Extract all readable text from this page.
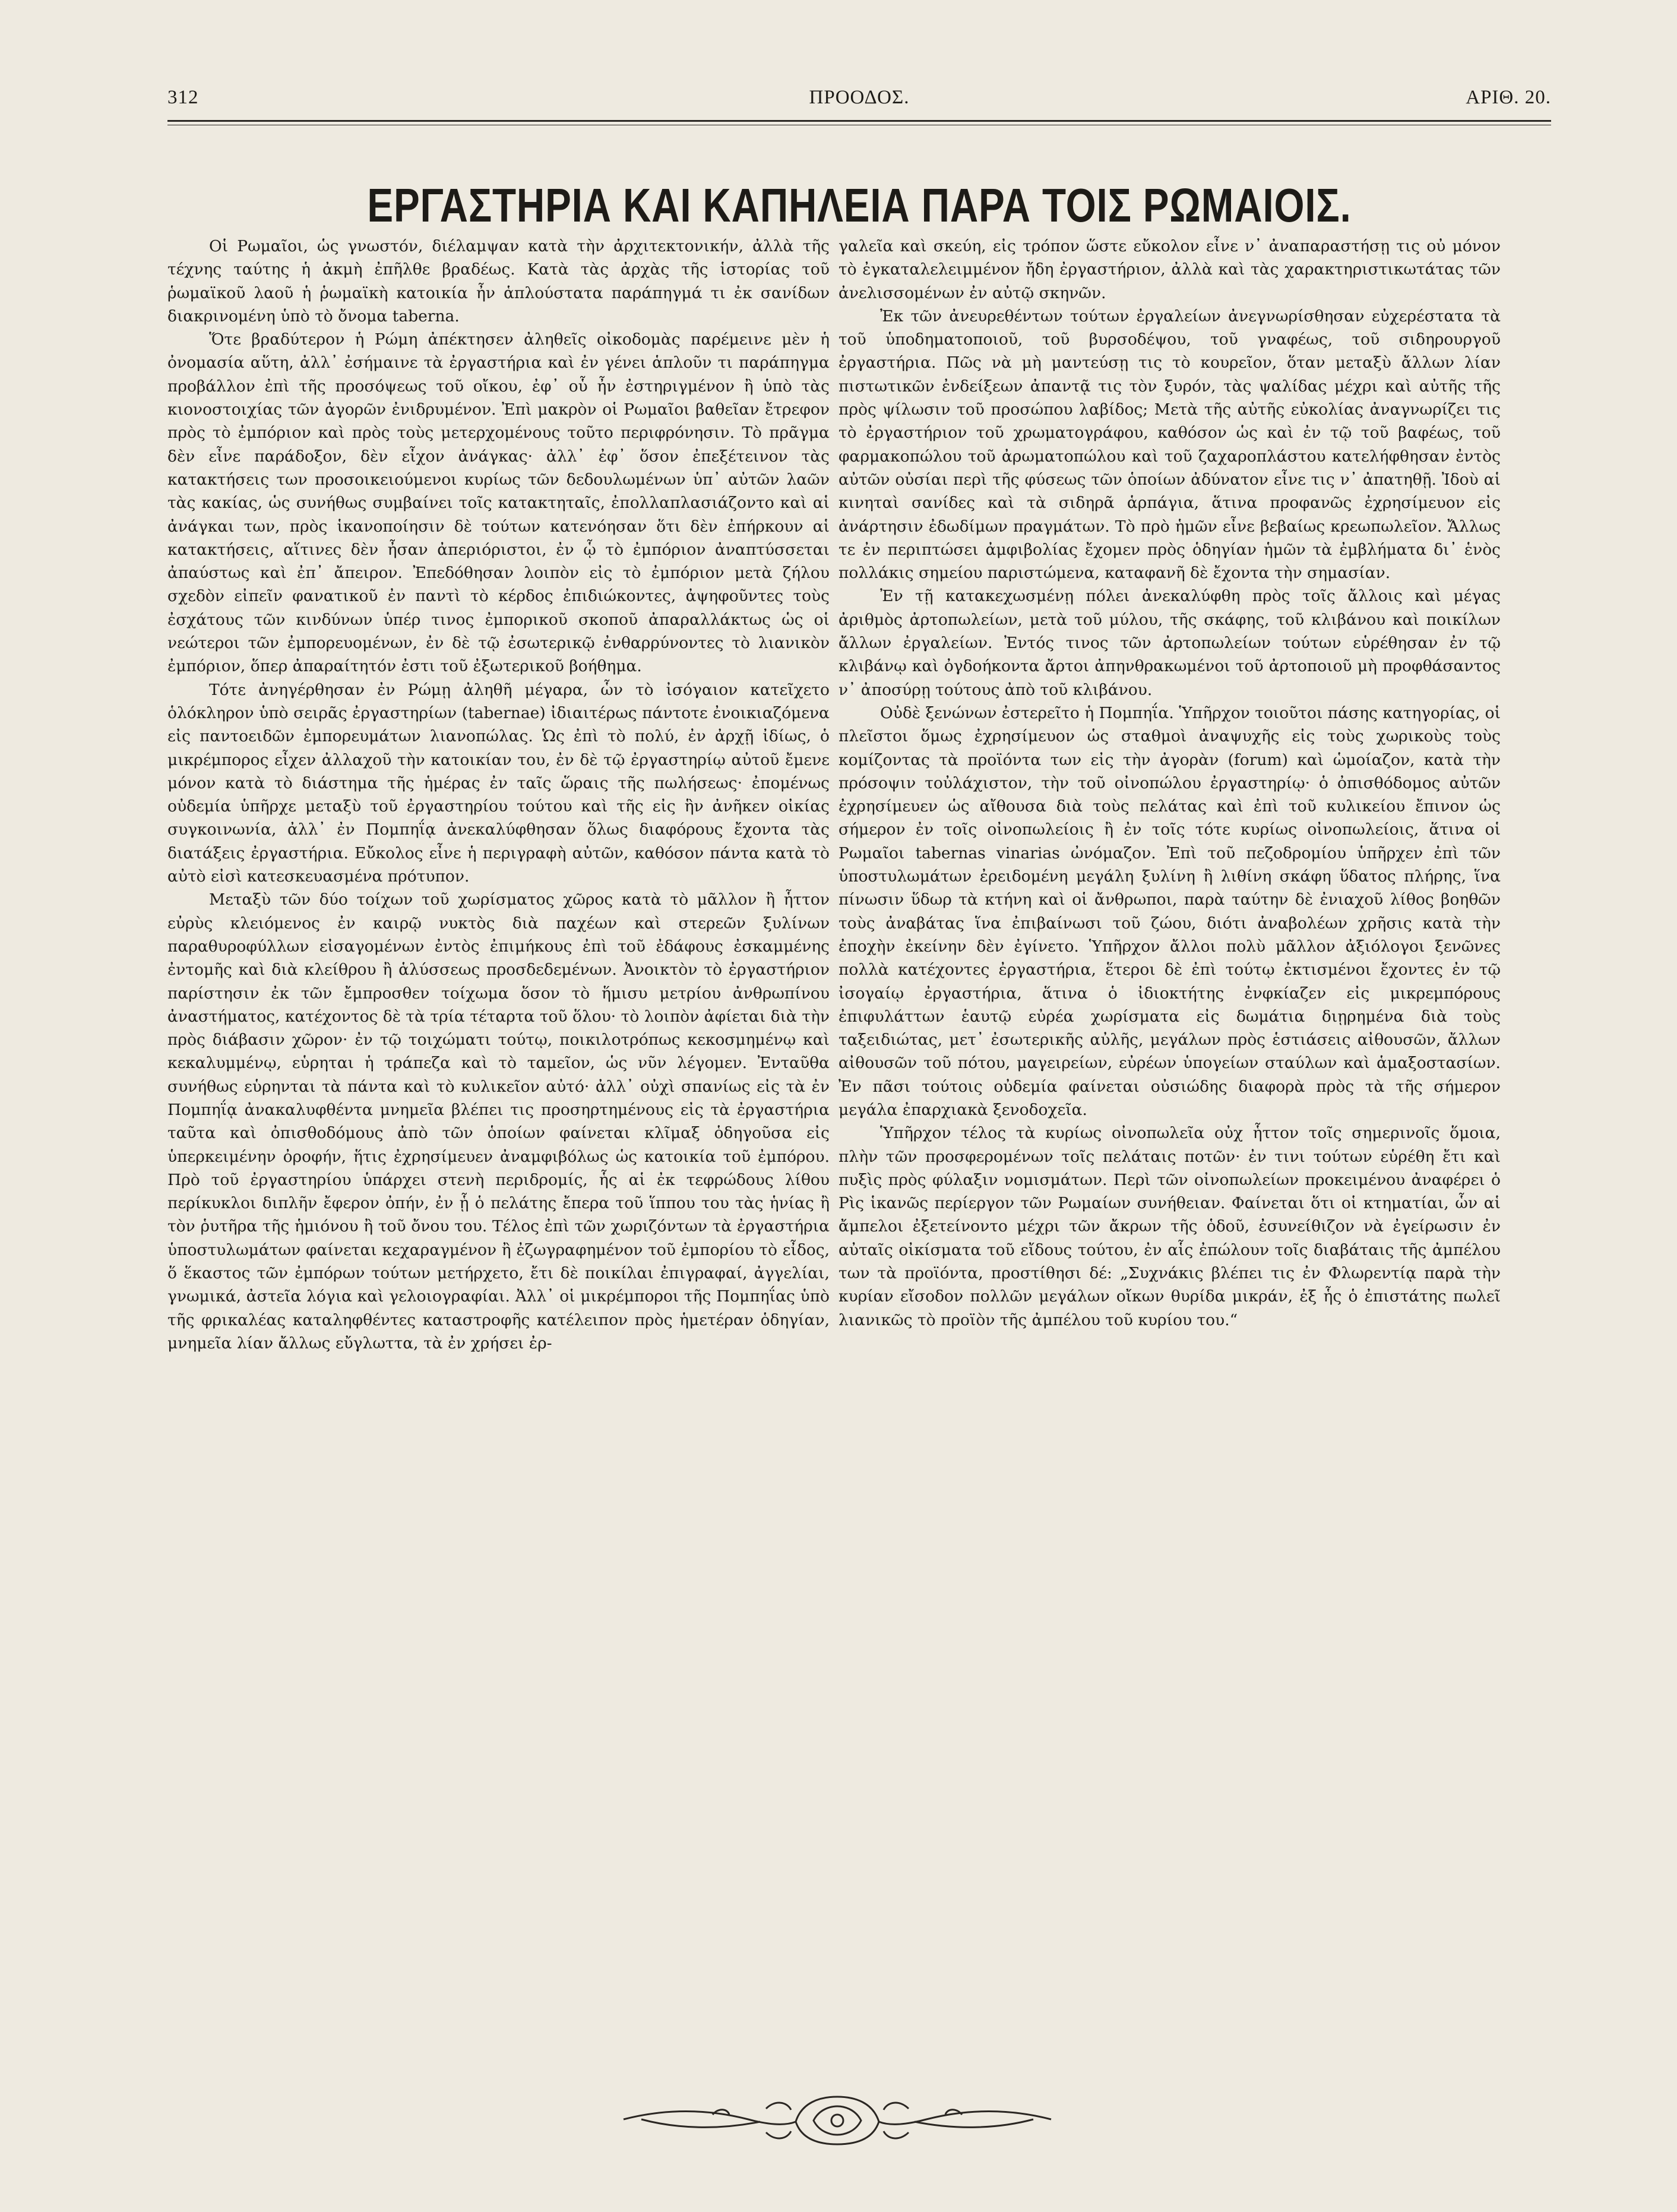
312	ΠΡΟΟΔΟΣ.	ΑΡΙΘ. 20.
ΕΡΓΑΣΤΗΡΙΑ ΚΑΙ ΚΑΠΗΛΕΙΑ ΠΑΡΑ ΤΟΙΣ ΡΩΜΑΙΟΙΣ.

Οἱ Ρωμαῖοι, ὡς γνωστόν, διέλαμψαν κατὰ τὴν ἀρχιτεκτονικήν, ἀλλὰ τῆς τέχνης ταύτης ἡ ἀκμὴ ἐπῆλθε βραδέως. Κατὰ τὰς ἀρχὰς τῆς ἱστορίας τοῦ ῥωμαϊκοῦ λαοῦ ἡ ῥωμαϊκὴ κατοικία ἦν ἁπλούστατα παράπηγμά τι ἐκ σανίδων διακρινομένη ὑπὸ τὸ ὄνομα taberna.

Ὅτε βραδύτερον ἡ Ρώμη ἀπέκτησεν ἀληθεῖς οἰκοδομὰς παρέμεινε μὲν ἡ ὀνομασία αὕτη, ἀλλ᾽ ἐσήμαινε τὰ ἐργαστήρια καὶ ἐν γένει ἁπλοῦν τι παράπηγμα προβάλλον ἐπὶ τῆς προσόψεως τοῦ οἴκου, ἐφ᾽ οὗ ἦν ἐστηριγμένον ἢ ὑπὸ τὰς κιονοστοιχίας τῶν ἀγορῶν ἐνιδρυμένον. Ἐπὶ μακρὸν οἱ Ρωμαῖοι βαθεῖαν ἔτρεφον πρὸς τὸ ἐμπόριον καὶ πρὸς τοὺς μετερχομένους τοῦτο περιφρόνησιν. Τὸ πρᾶγμα δὲν εἶνε παράδοξον, δὲν εἶχον ἀνάγκας· ἀλλ᾽ ἐφ᾽ ὅσον ἐπεξέτεινον τὰς κατακτήσεις των προσοικειούμενοι κυρίως τῶν δεδουλωμένων ὑπ᾽ αὐτῶν λαῶν τὰς κακίας, ὡς συνήθως συμβαίνει τοῖς κατακτηταῖς, ἐπολλαπλασιάζοντο καὶ αἱ ἀνάγκαι των, πρὸς ἱκανοποίησιν δὲ τούτων κατενόησαν ὅτι δὲν ἐπήρκουν αἱ κατακτήσεις, αἵτινες δὲν ἦσαν ἀπεριόριστοι, ἐν ᾧ τὸ ἐμπόριον ἀναπτύσσεται ἀπαύστως καὶ ἐπ᾽ ἄπειρον. Ἐπεδόθησαν λοιπὸν εἰς τὸ ἐμπόριον μετὰ ζήλου σχεδὸν εἰπεῖν φανατικοῦ ἐν παντὶ τὸ κέρδος ἐπιδιώκοντες, ἀψηφοῦντες τοὺς ἐσχάτους τῶν κινδύνων ὑπέρ τινος ἐμπορικοῦ σκοποῦ ἀπαραλλάκτως ὡς οἱ νεώτεροι τῶν ἐμπορευομένων, ἐν δὲ τῷ ἐσωτερικῷ ἐνθαρρύνοντες τὸ λιανικὸν ἐμπόριον, ὅπερ ἀπαραίτητόν ἐστι τοῦ ἐξωτερικοῦ βοήθημα.

Τότε ἀνηγέρθησαν ἐν Ρώμῃ ἀληθῆ μέγαρα, ὧν τὸ ἰσόγαιον κατεῖχετο ὁλόκληρον ὑπὸ σειρᾶς ἐργαστηρίων (tabernae) ἰδιαιτέρως πάντοτε ἐνοικιαζόμενα εἰς παντοειδῶν ἐμπορευμάτων λιανοπώλας. Ὡς ἐπὶ τὸ πολύ, ἐν ἀρχῇ ἰδίως, ὁ μικρέμπορος εἶχεν ἀλλαχοῦ τὴν κατοικίαν του, ἐν δὲ τῷ ἐργαστηρίῳ αὐτοῦ ἔμενε μόνον κατὰ τὸ διάστημα τῆς ἡμέρας ἐν ταῖς ὥραις τῆς πωλήσεως· ἐπομένως οὐδεμία ὑπῆρχε μεταξὺ τοῦ ἐργαστηρίου τούτου καὶ τῆς εἰς ἣν ἀνῆκεν οἰκίας συγκοινωνία, ἀλλ᾽ ἐν Πομπηΐᾳ ἀνεκαλύφθησαν ὅλως διαφόρους ἔχοντα τὰς διατάξεις ἐργαστήρια. Εὔκολος εἶνε ἡ περιγραφὴ αὐτῶν, καθόσον πάντα κατὰ τὸ αὐτὸ εἰσὶ κατεσκευασμένα πρότυπον.

Μεταξὺ τῶν δύο τοίχων τοῦ χωρίσματος χῶρος κατὰ τὸ μᾶλλον ἢ ἧττον εὐρὺς κλειόμενος ἐν καιρῷ νυκτὸς διὰ παχέων καὶ στερεῶν ξυλίνων παραθυροφύλλων εἰσαγομένων ἐντὸς ἐπιμήκους ἐπὶ τοῦ ἐδάφους ἐσκαμμένης ἐντομῆς καὶ διὰ κλείθρου ἢ ἁλύσσεως προσδεδεμένων. Ἀνοικτὸν τὸ ἐργαστήριον παρίστησιν ἐκ τῶν ἔμπροσθεν τοίχωμα ὅσον τὸ ἥμισυ μετρίου ἀνθρωπίνου ἀναστήματος, κατέχοντος δὲ τὰ τρία τέταρτα τοῦ ὅλου· τὸ λοιπὸν ἀφίεται διὰ τὴν πρὸς διάβασιν χῶρον· ἐν τῷ τοιχώματι τούτῳ, ποικιλοτρόπως κεκοσμημένῳ καὶ κεκαλυμμένῳ, εὑρηται ἡ τράπεζα καὶ τὸ ταμεῖον, ὡς νῦν λέγομεν. Ἐνταῦθα συνήθως εὑρηνται τὰ πάντα καὶ τὸ κυλικεῖον αὐτό· ἀλλ᾽ οὐχὶ σπανίως εἰς τὰ ἐν Πομπηΐᾳ ἀνακαλυφθέντα μνημεῖα βλέπει τις προσηρτημένους εἰς τὰ ἐργαστήρια ταῦτα καὶ ὀπισθοδόμους ἀπὸ τῶν ὁποίων φαίνεται κλῖμαξ ὁδηγοῦσα εἰς ὑπερκειμένην ὀροφήν, ἥτις ἐχρησίμευεν ἀναμφιβόλως ὡς κατοικία τοῦ ἐμπόρου. Πρὸ τοῦ ἐργαστηρίου ὑπάρχει στενὴ περιδρομίς, ἧς αἱ ἐκ τεφρώδους λίθου περίκυκλοι διπλῆν ἔφερον ὀπήν, ἐν ᾗ ὁ πελάτης ἔπερα τοῦ ἵππου του τὰς ἡνίας ἢ τὸν ῥυτῆρα τῆς ἡμιόνου ἢ τοῦ ὄνου του. Τέλος ἐπὶ τῶν χωριζόντων τὰ ἐργαστήρια ὑποστυλωμάτων φαίνεται κεχαραγμένον ἢ ἐζωγραφημένον τοῦ ἐμπορίου τὸ εἶδος, ὅ ἕκαστος τῶν ἐμπόρων τούτων μετήρχετο, ἔτι δὲ ποικίλαι ἐπιγραφαί, ἀγγελίαι, γνωμικά, ἀστεῖα λόγια καὶ γελοιογραφίαι. Ἀλλ᾽ οἱ μικρέμποροι τῆς Πομπηΐας ὑπὸ τῆς φρικαλέας καταληφθέντες καταστροφῆς κατέλειπον πρὸς ἡμετέραν ὁδηγίαν, μνημεῖα λίαν ἄλλως εὔγλωττα, τὰ ἐν χρήσει ἐρ-

γαλεῖα καὶ σκεύη, εἰς τρόπον ὥστε εὔκολον εἶνε ν᾽ ἀναπαραστήσῃ τις οὐ μόνον τὸ ἐγκαταλελειμμένον ἤδη ἐργαστήριον, ἀλλὰ καὶ τὰς χαρακτηριστικωτάτας τῶν ἀνελισσομένων ἐν αὐτῷ σκηνῶν.

Ἐκ τῶν ἀνευρεθέντων τούτων ἐργαλείων ἀνεγνωρίσθησαν εὐχερέστατα τὰ τοῦ ὑποδηματοποιοῦ, τοῦ βυρσοδέψου, τοῦ γναφέως, τοῦ σιδηρουργοῦ ἐργαστήρια. Πῶς νὰ μὴ μαντεύσῃ τις τὸ κουρεῖον, ὅταν μεταξὺ ἄλλων λίαν πιστωτικῶν ἐνδείξεων ἀπαντᾷ τις τὸν ξυρόν, τὰς ψαλίδας μέχρι καὶ αὐτῆς τῆς πρὸς ψίλωσιν τοῦ προσώπου λαβίδος; Μετὰ τῆς αὐτῆς εὐκολίας ἀναγνωρίζει τις τὸ ἐργαστήριον τοῦ χρωματογράφου, καθόσον ὡς καὶ ἐν τῷ τοῦ βαφέως, τοῦ φαρμακοπώλου τοῦ ἀρωματοπώλου καὶ τοῦ ζαχαροπλάστου κατελήφθησαν ἐντὸς αὐτῶν οὐσίαι περὶ τῆς φύσεως τῶν ὁποίων ἀδύνατον εἶνε τις ν᾽ ἀπατηθῇ. Ἰδοὺ αἱ κινηταὶ σανίδες καὶ τὰ σιδηρᾶ ἁρπάγια, ἅτινα προφανῶς ἐχρησίμευον εἰς ἀνάρτησιν ἐδωδίμων πραγμάτων. Τὸ πρὸ ἡμῶν εἶνε βεβαίως κρεωπωλεῖον. Ἄλλως τε ἐν περιπτώσει ἀμφιβολίας ἔχομεν πρὸς ὁδηγίαν ἡμῶν τὰ ἐμβλήματα δι᾽ ἑνὸς πολλάκις σημείου παριστώμενα, καταφανῆ δὲ ἔχοντα τὴν σημασίαν.

Ἐν τῇ κατακεχωσμένῃ πόλει ἀνεκαλύφθη πρὸς τοῖς ἄλλοις καὶ μέγας ἀριθμὸς ἀρτοπωλείων, μετὰ τοῦ μύλου, τῆς σκάφης, τοῦ κλιβάνου καὶ ποικίλων ἄλλων ἐργαλείων. Ἐντός τινος τῶν ἀρτοπωλείων τούτων εὑρέθησαν ἐν τῷ κλιβάνῳ καὶ ὀγδοήκοντα ἄρτοι ἀπηνθρακωμένοι τοῦ ἀρτοποιοῦ μὴ προφθάσαντος ν᾽ ἀποσύρῃ τούτους ἀπὸ τοῦ κλιβάνου.

Οὐδὲ ξενώνων ἐστερεῖτο ἡ Πομπηΐα. Ὑπῆρχον τοιοῦτοι πάσης κατηγορίας, οἱ πλεῖστοι ὅμως ἐχρησίμευον ὡς σταθμοὶ ἀναψυχῆς εἰς τοὺς χωρικοὺς τοὺς κομίζοντας τὰ προϊόντα των εἰς τὴν ἀγορὰν (forum) καὶ ὡμοίαζον, κατὰ τὴν πρόσοψιν τοὐλάχιστον, τὴν τοῦ οἰνοπώλου ἐργαστηρίῳ· ὁ ὀπισθόδομος αὐτῶν ἐχρησίμευεν ὡς αἴθουσα διὰ τοὺς πελάτας καὶ ἐπὶ τοῦ κυλικείου ἔπινον ὡς σήμερον ἐν τοῖς οἰνοπωλείοις ἢ ἐν τοῖς τότε κυρίως οἰνοπωλείοις, ἅτινα οἱ Ρωμαῖοι tabernas vinarias ὠνόμαζον. Ἐπὶ τοῦ πεζοδρομίου ὑπῆρχεν ἐπὶ τῶν ὑποστυλωμάτων ἐρειδομένη μεγάλη ξυλίνη ἢ λιθίνη σκάφη ὕδατος πλήρης, ἵνα πίνωσιν ὕδωρ τὰ κτήνη καὶ οἱ ἄνθρωποι, παρὰ ταύτην δὲ ἐνιαχοῦ λίθος βοηθῶν τοὺς ἀναβάτας ἵνα ἐπιβαίνωσι τοῦ ζώου, διότι ἀναβολέων χρῆσις κατὰ τὴν ἐποχὴν ἐκείνην δὲν ἐγίνετο. Ὑπῆρχον ἄλλοι πολὺ μᾶλλον ἀξιόλογοι ξενῶνες πολλὰ κατέχοντες ἐργαστήρια, ἕτεροι δὲ ἐπὶ τούτῳ ἐκτισμένοι ἔχοντες ἐν τῷ ἰσογαίῳ ἐργαστήρια, ἅτινα ὁ ἰδιοκτήτης ἐνφκίαζεν εἰς μικρεμπόρους ἐπιφυλάττων ἑαυτῷ εὐρέα χωρίσματα εἰς δωμάτια διῃρημένα διὰ τοὺς ταξειδιώτας, μετ᾽ ἐσωτερικῆς αὐλῆς, μεγάλων πρὸς ἑστιάσεις αἰθουσῶν, ἄλλων αἰθουσῶν τοῦ πότου, μαγειρείων, εὐρέων ὑπογείων σταύλων καὶ ἁμαξοστασίων. Ἐν πᾶσι τούτοις οὐδεμία φαίνεται οὐσιώδης διαφορὰ πρὸς τὰ τῆς σήμερον μεγάλα ἐπαρχιακὰ ξενοδοχεῖα.

Ὑπῆρχον τέλος τὰ κυρίως οἰνοπωλεῖα οὐχ ἧττον τοῖς σημερινοῖς ὅμοια, πλὴν τῶν προσφερομένων τοῖς πελάταις ποτῶν· ἐν τινι τούτων εὑρέθη ἔτι καὶ πυξὶς πρὸς φύλαξιν νομισμάτων. Περὶ τῶν οἰνοπωλείων προκειμένου ἀναφέρει ὁ Ρὶς ἱκανῶς περίεργον τῶν Ρωμαίων συνήθειαν. Φαίνεται ὅτι οἱ κτηματίαι, ὧν αἱ ἄμπελοι ἐξετείνοντο μέχρι τῶν ἄκρων τῆς ὁδοῦ, ἐσυνείθιζον νὰ ἐγείρωσιν ἐν αὐταῖς οἰκίσματα τοῦ εἴδους τούτου, ἐν αἷς ἐπώλουν τοῖς διαβάταις τῆς ἀμπέλου των τὰ προϊόντα, προστίθησι δέ: „Συχνάκις βλέπει τις ἐν Φλωρεντίᾳ παρὰ τὴν κυρίαν εἴσοδον πολλῶν μεγάλων οἴκων θυρίδα μικράν, ἐξ ἧς ὁ ἐπιστάτης πωλεῖ λιανικῶς τὸ προϊὸν τῆς ἀμπέλου τοῦ κυρίου του.“
